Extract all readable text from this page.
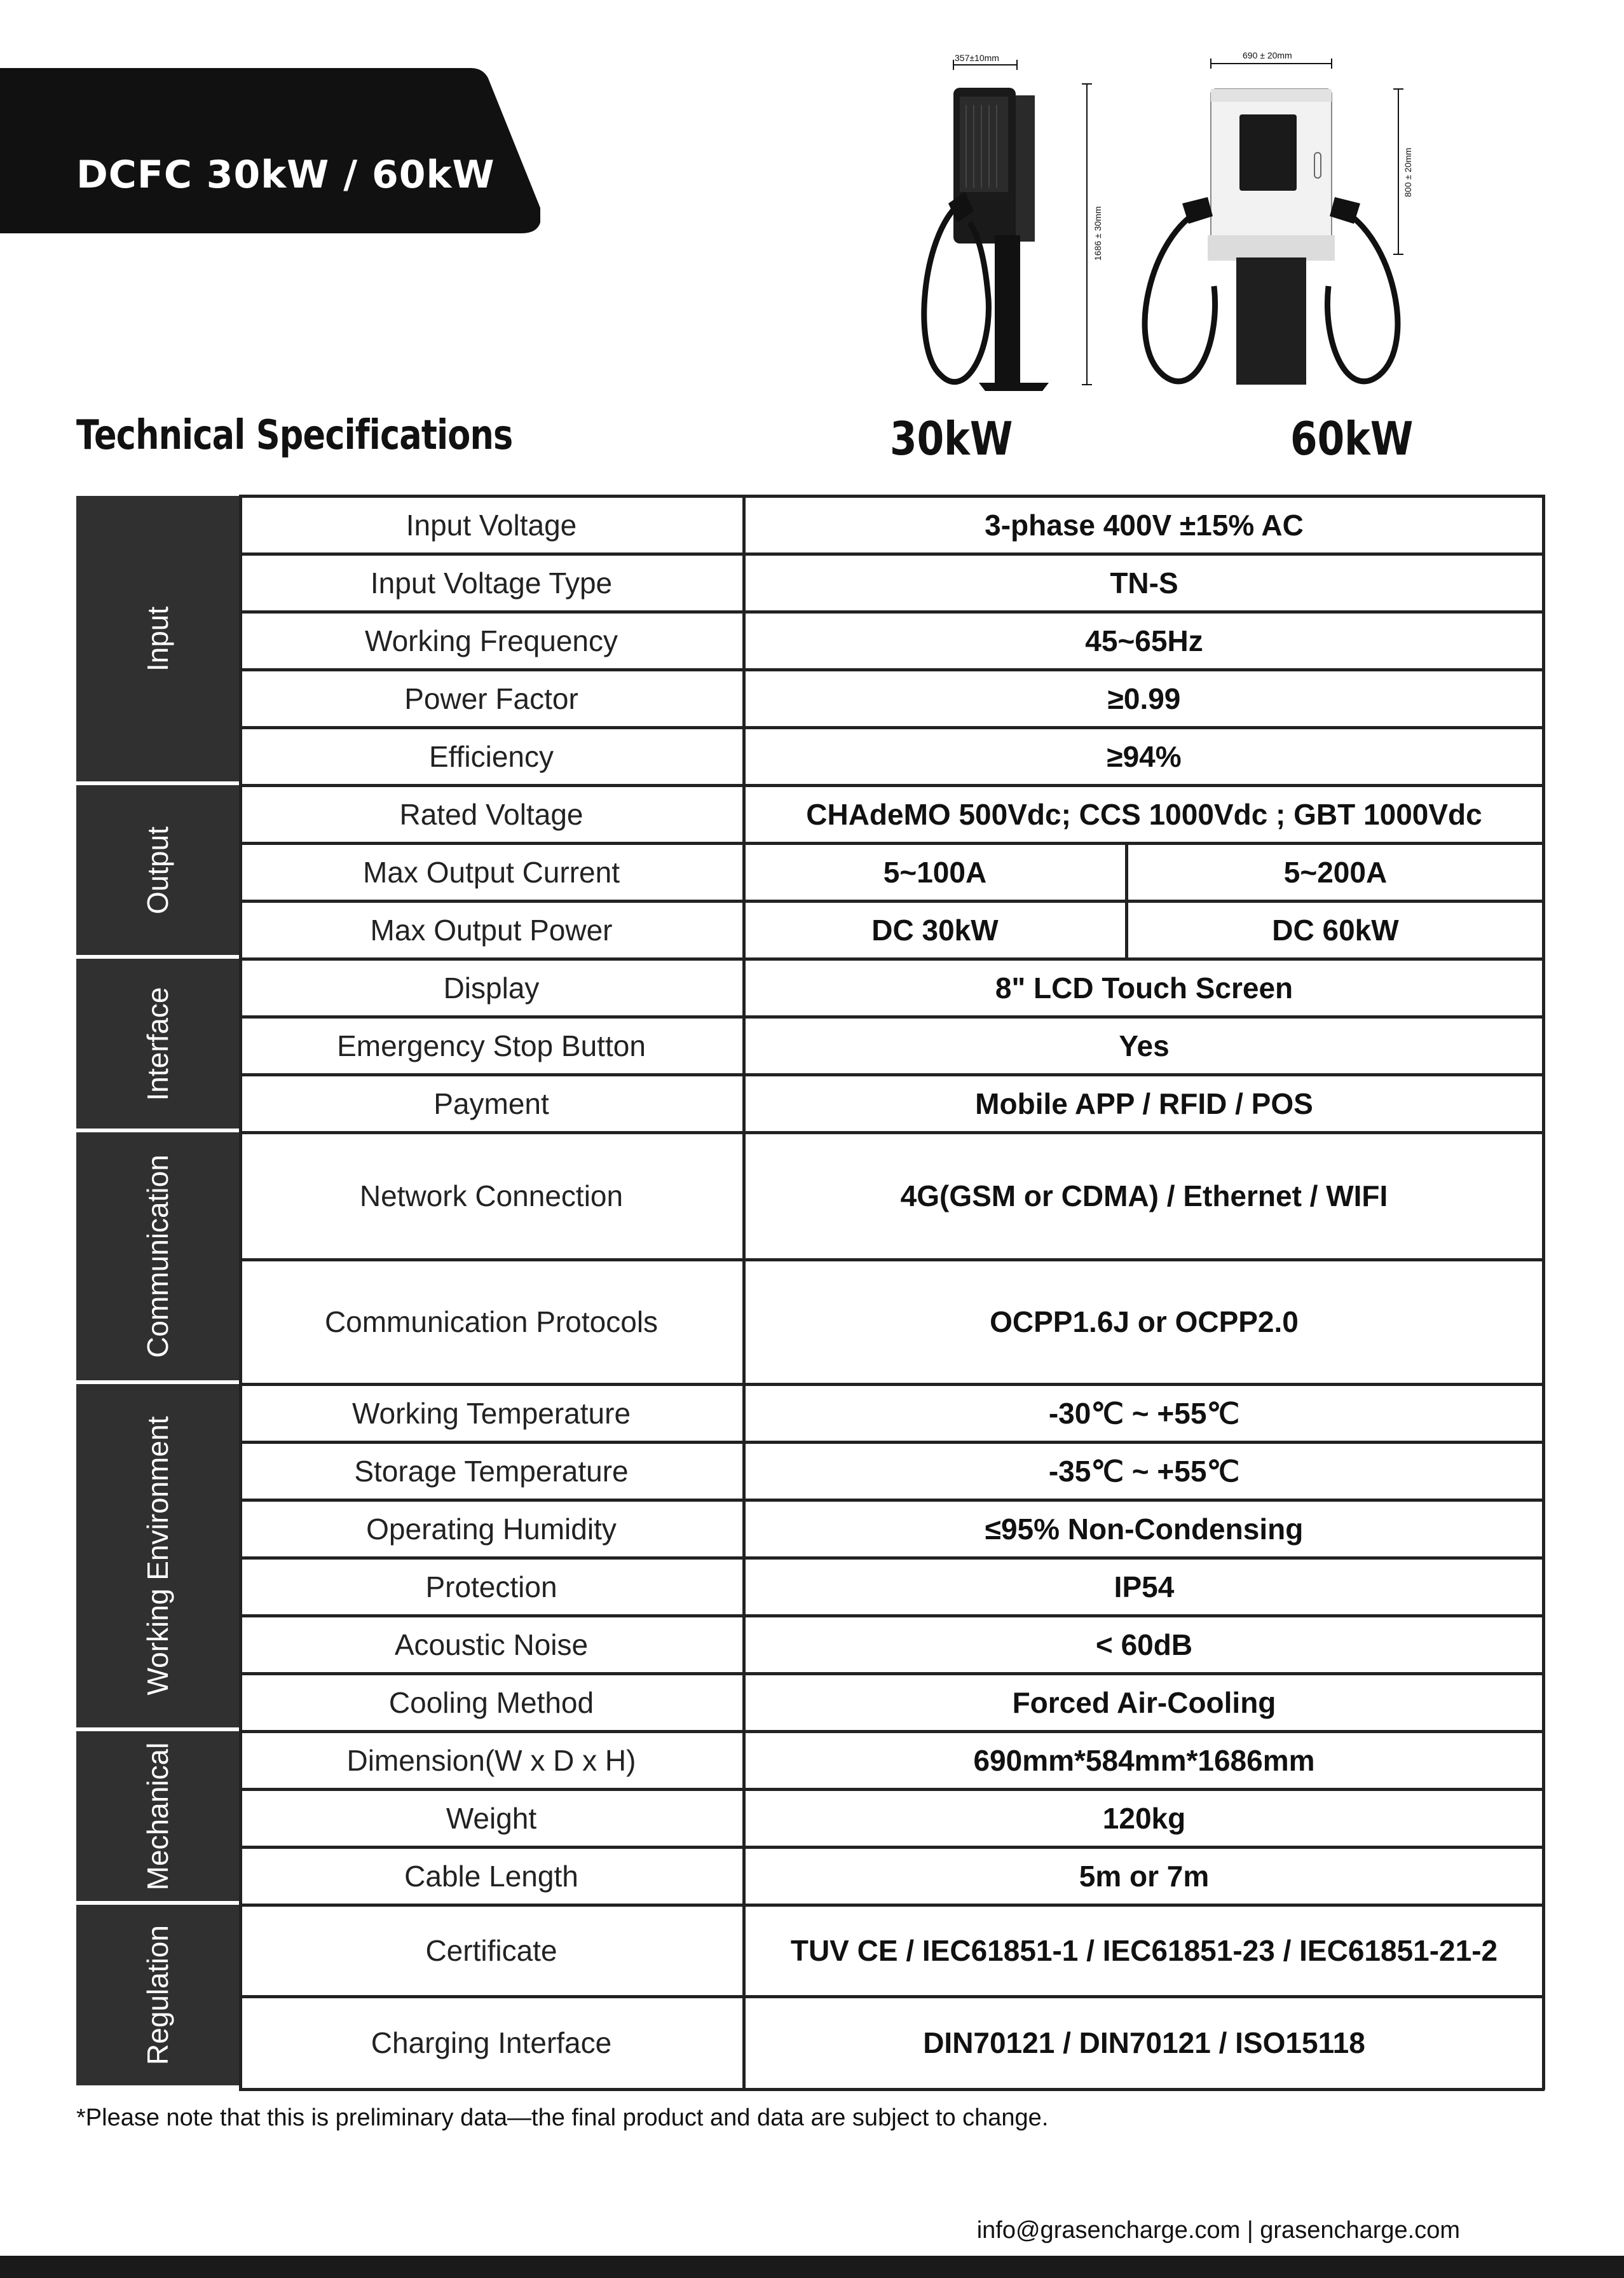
DCFC 30kW / 60kW
357±10mm
1686 ± 30mm
690 ± 20mm
800 ± 20mm
Technical Specifications	30kW	60kW
Input Voltage	3-phase 400V ±15% AC
Input Voltage Type	TN-S
Working Frequency	45~65Hz
Power Factor	≥0.99
Efficiency	≥94%
Input
Rated Voltage	CHAdeMO 500Vdc; CCS 1000Vdc ; GBT 1000Vdc
Max Output Current	5~100A	5~200A
Max Output Power	DC 30kW	DC 60kW
Output
Display	8" LCD Touch Screen
Emergency Stop Button	Yes
Payment	Mobile APP / RFID / POS
Interface
Network Connection	4G(GSM or CDMA) / Ethernet / WIFI
Communication Protocols	OCPP1.6J or OCPP2.0
Communication
Working Temperature	-30℃ ~ +55℃
Storage Temperature	-35℃ ~ +55℃
Operating Humidity	≤95% Non-Condensing
Protection	IP54
Acoustic Noise	< 60dB
Cooling Method	Forced Air-Cooling
Working Environment
Dimension(W x D x H)	690mm*584mm*1686mm
Weight	120kg
Cable Length	5m or 7m
Mechanical
Certificate	TUV CE / IEC61851-1 / IEC61851-23 / IEC61851-21-2
Charging Interface	DIN70121 / DIN70121 / ISO15118
Regulation
*Please note that this is preliminary data—the final product and data are subject to change.
info@grasencharge.com | grasencharge.com
